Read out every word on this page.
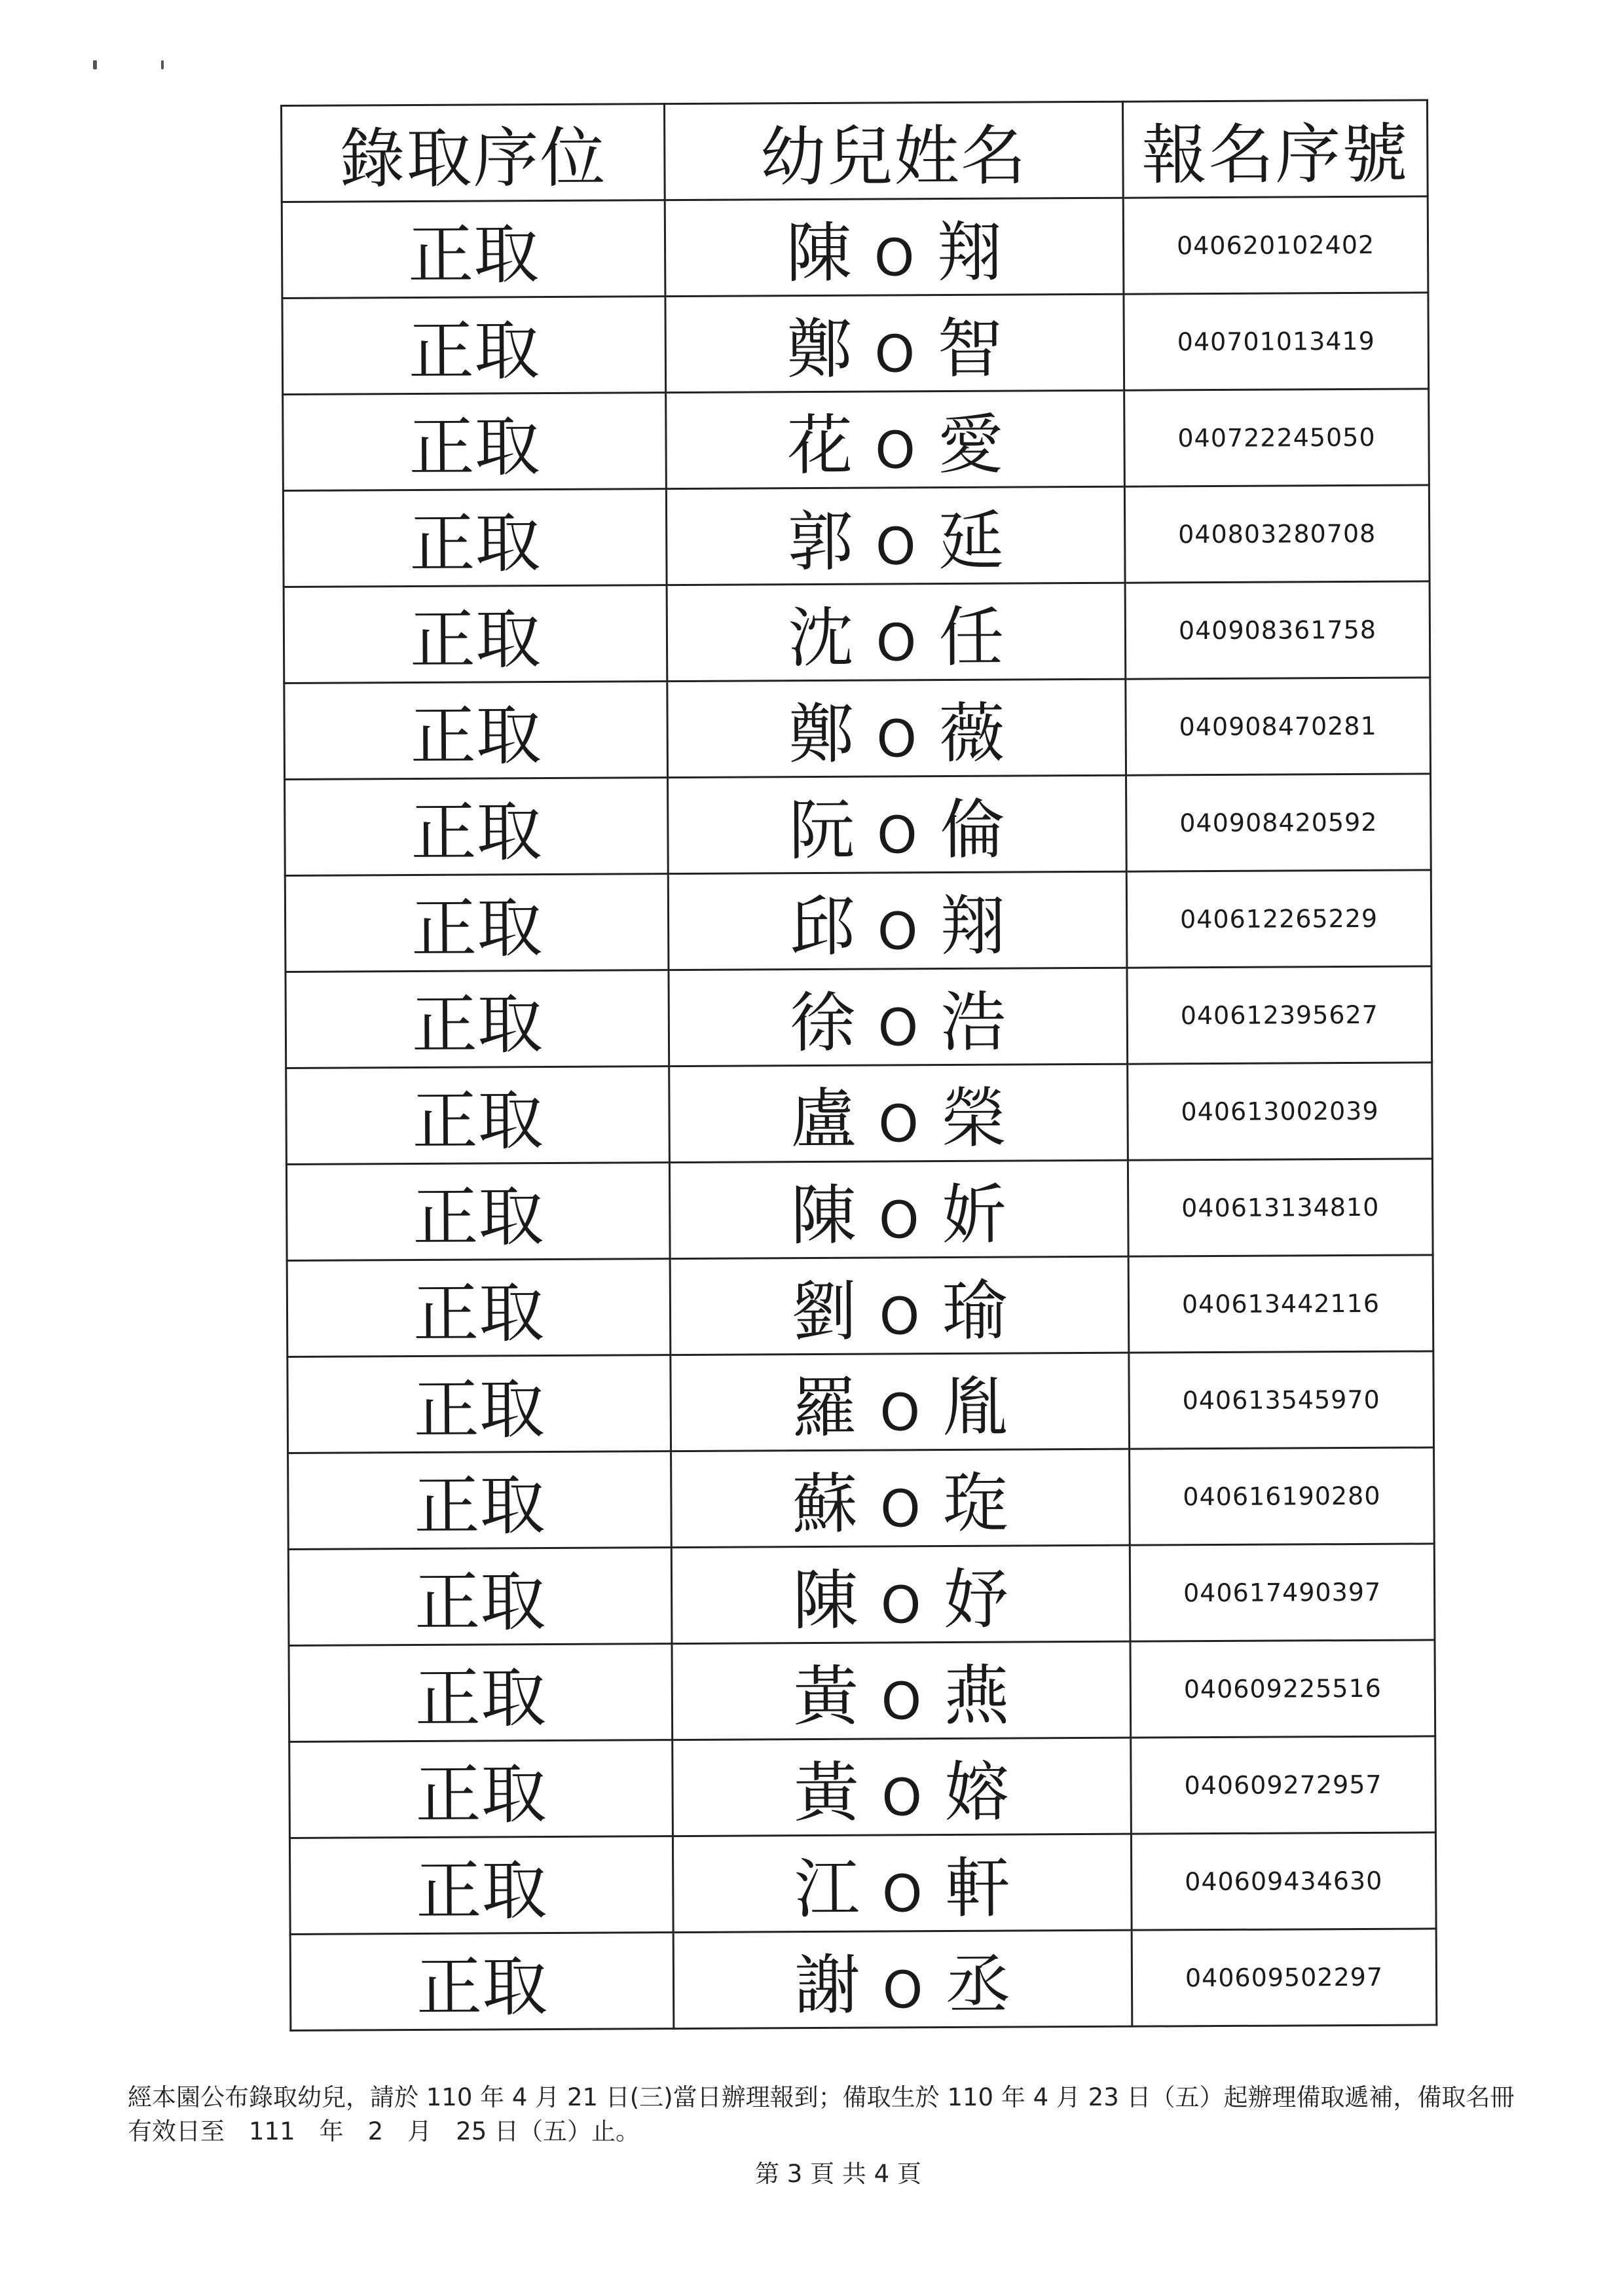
錄取序位	幼兒姓名	報名序號
正取	陳 O 翔	040620102402
正取	鄭 O 智	040701013419
正取	花 O 愛	040722245050
正取	郭 O 延	040803280708
正取	沈 O 任	040908361758
正取	鄭 O 薇	040908470281
正取	阮 O 倫	040908420592
正取	邱 O 翔	040612265229
正取	徐 O 浩	040612395627
正取	盧 O 榮	040613002039
正取	陳 O 妡	040613134810
正取	劉 O 瑜	040613442116
正取	羅 O 胤	040613545970
正取	蘇 O 琁	040616190280
正取	陳 O 妤	040617490397
正取	黃 O 燕	040609225516
正取	黃 O 嫆	040609272957
正取	江 O 軒	040609434630
正取	謝 O 丞	040609502297
經本園公布錄取幼兒，請於 110 年 4 月 21 日(三)當日辦理報到；備取生於 110 年 4 月 23 日（五）起辦理備取遞補，備取名冊
有效日至　111　年　2　月　25 日（五）止。
第 3 頁 共 4 頁
